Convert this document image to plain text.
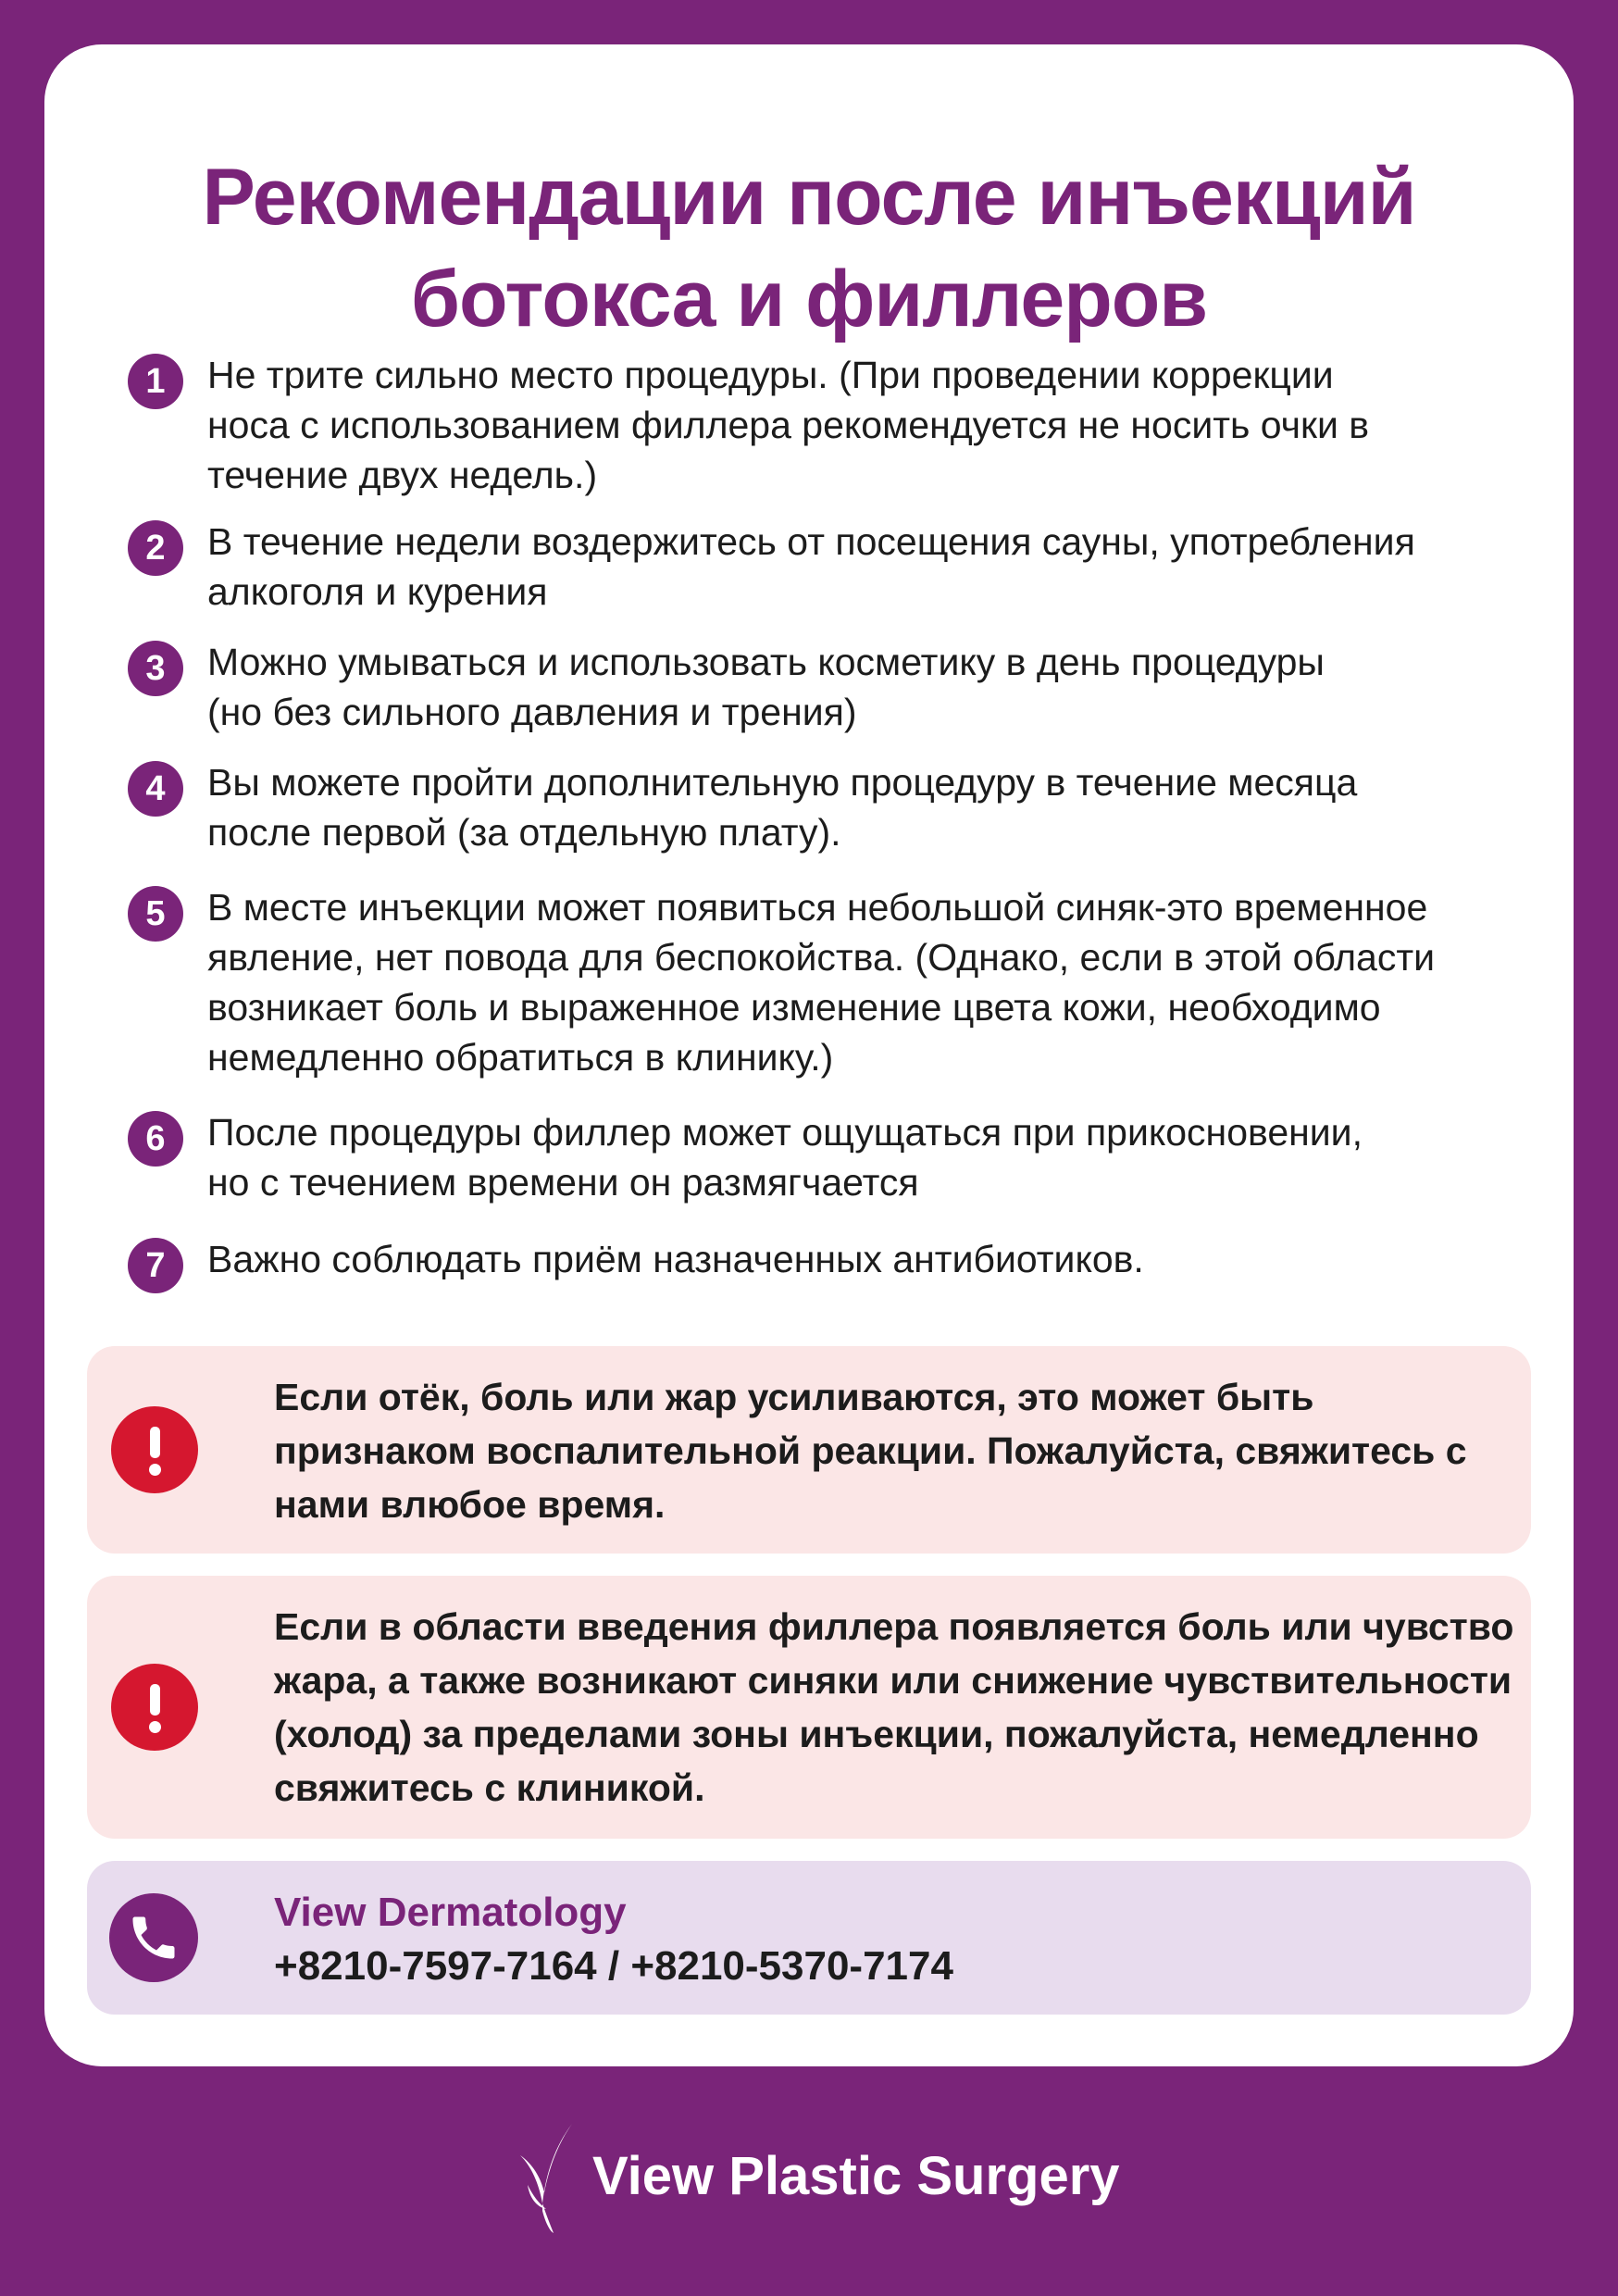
Рекомендации после инъекций
ботокса и филлеров
1	Не трите сильно место процедуры. (При проведении коррекции
носа с использованием филлера рекомендуется не носить очки в
течение двух недель.)

2	В течение недели воздержитесь от посещения сауны, употребления
алкоголя и курения

3	Можно умываться и использовать косметику в день процедуры
(но без сильного давления и трения)

4	Вы можете пройти дополнительную процедуру в течение месяца
после первой (за отдельную плату).

5	В месте инъекции может появиться небольшой синяк-это временное
явление, нет повода для беспокойства. (Однако, если в этой области
возникает боль и выраженное изменение цвета кожи, необходимо
немедленно обратиться в клинику.)

6	После процедуры филлер может ощущаться при прикосновении,
но с течением времени он размягчается

7	Важно соблюдать приём назначенных антибиотиков.

Если отёк, боль или жар усиливаются, это может быть
признаком воспалительной реакции. Пожалуйста, свяжитесь с
нами влюбое время.

Если в области введения филлера появляется боль или чувство
жара, а также возникают синяки или снижение чувствительности
(холод) за пределами зоны инъекции, пожалуйста, немедленно
свяжитесь с клиникой.

View Dermatology

+8210-7597-7164 / +8210-5370-7174

View Plastic Surgery
